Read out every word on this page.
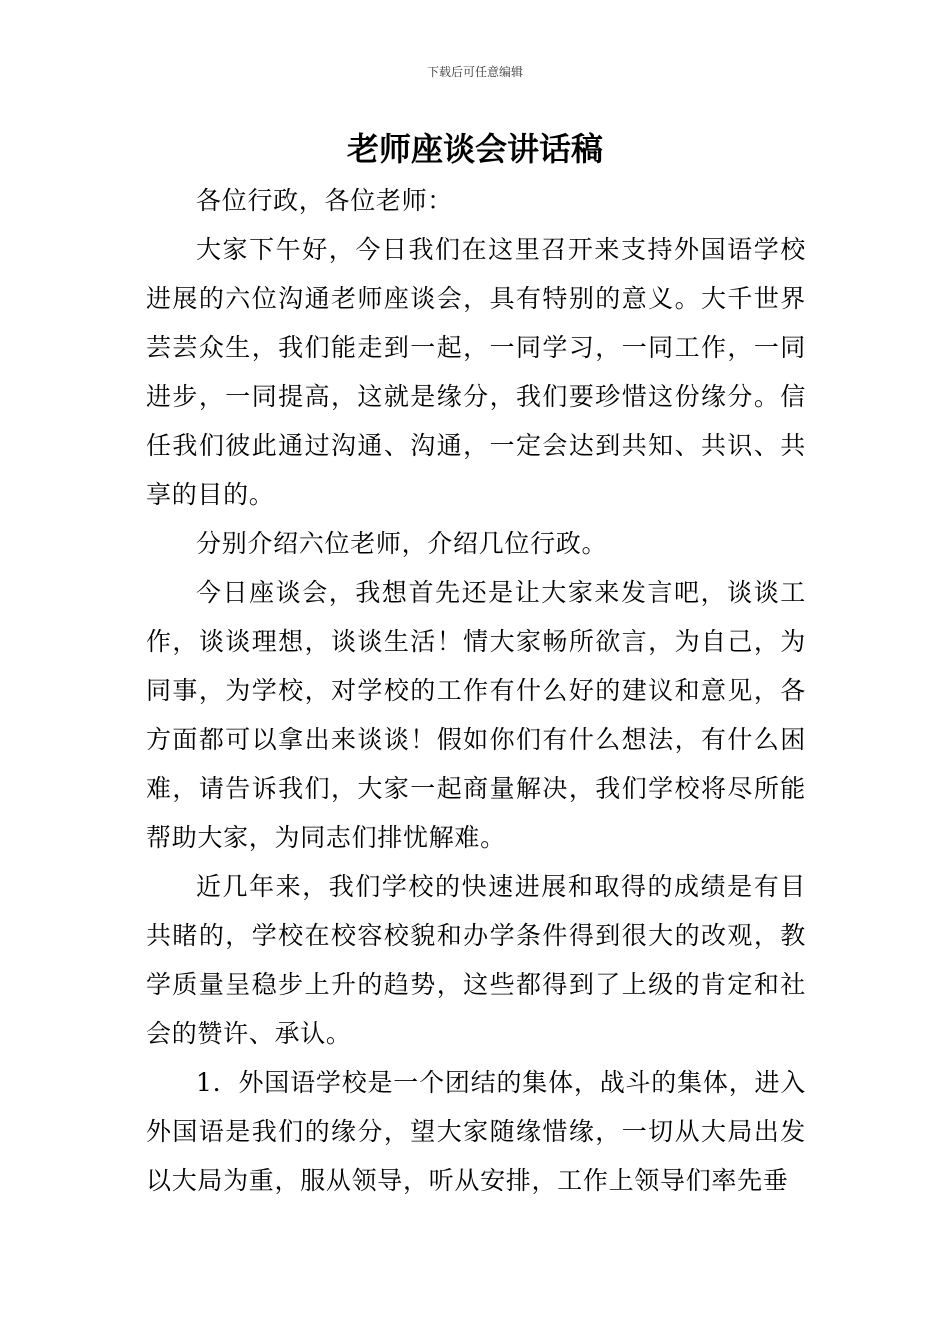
下载后可任意编辑
老师座谈会讲话稿

各位行政，各位老师：

大家下午好，今日我们在这里召开来支持外国语学校进展的六位沟通老师座谈会，具有特别的意义。大千世界芸芸众生，我们能走到一起，一同学习，一同工作，一同进步，一同提高，这就是缘分，我们要珍惜这份缘分。信任我们彼此通过沟通、沟通，一定会达到共知、共识、共享的目的。

分别介绍六位老师，介绍几位行政。

今日座谈会，我想首先还是让大家来发言吧，谈谈工作，谈谈理想，谈谈生活！情大家畅所欲言，为自己，为同事，为学校，对学校的工作有什么好的建议和意见，各方面都可以拿出来谈谈！假如你们有什么想法，有什么困难，请告诉我们，大家一起商量解决，我们学校将尽所能帮助大家，为同志们排忧解难。

近几年来，我们学校的快速进展和取得的成绩是有目共睹的，学校在校容校貌和办学条件得到很大的改观，教学质量呈稳步上升的趋势，这些都得到了上级的肯定和社会的赞许、承认。

1．外国语学校是一个团结的集体，战斗的集体，进入外国语是我们的缘分，望大家随缘惜缘，一切从大局出发以大局为重，服从领导，听从安排，工作上领导们率先垂
